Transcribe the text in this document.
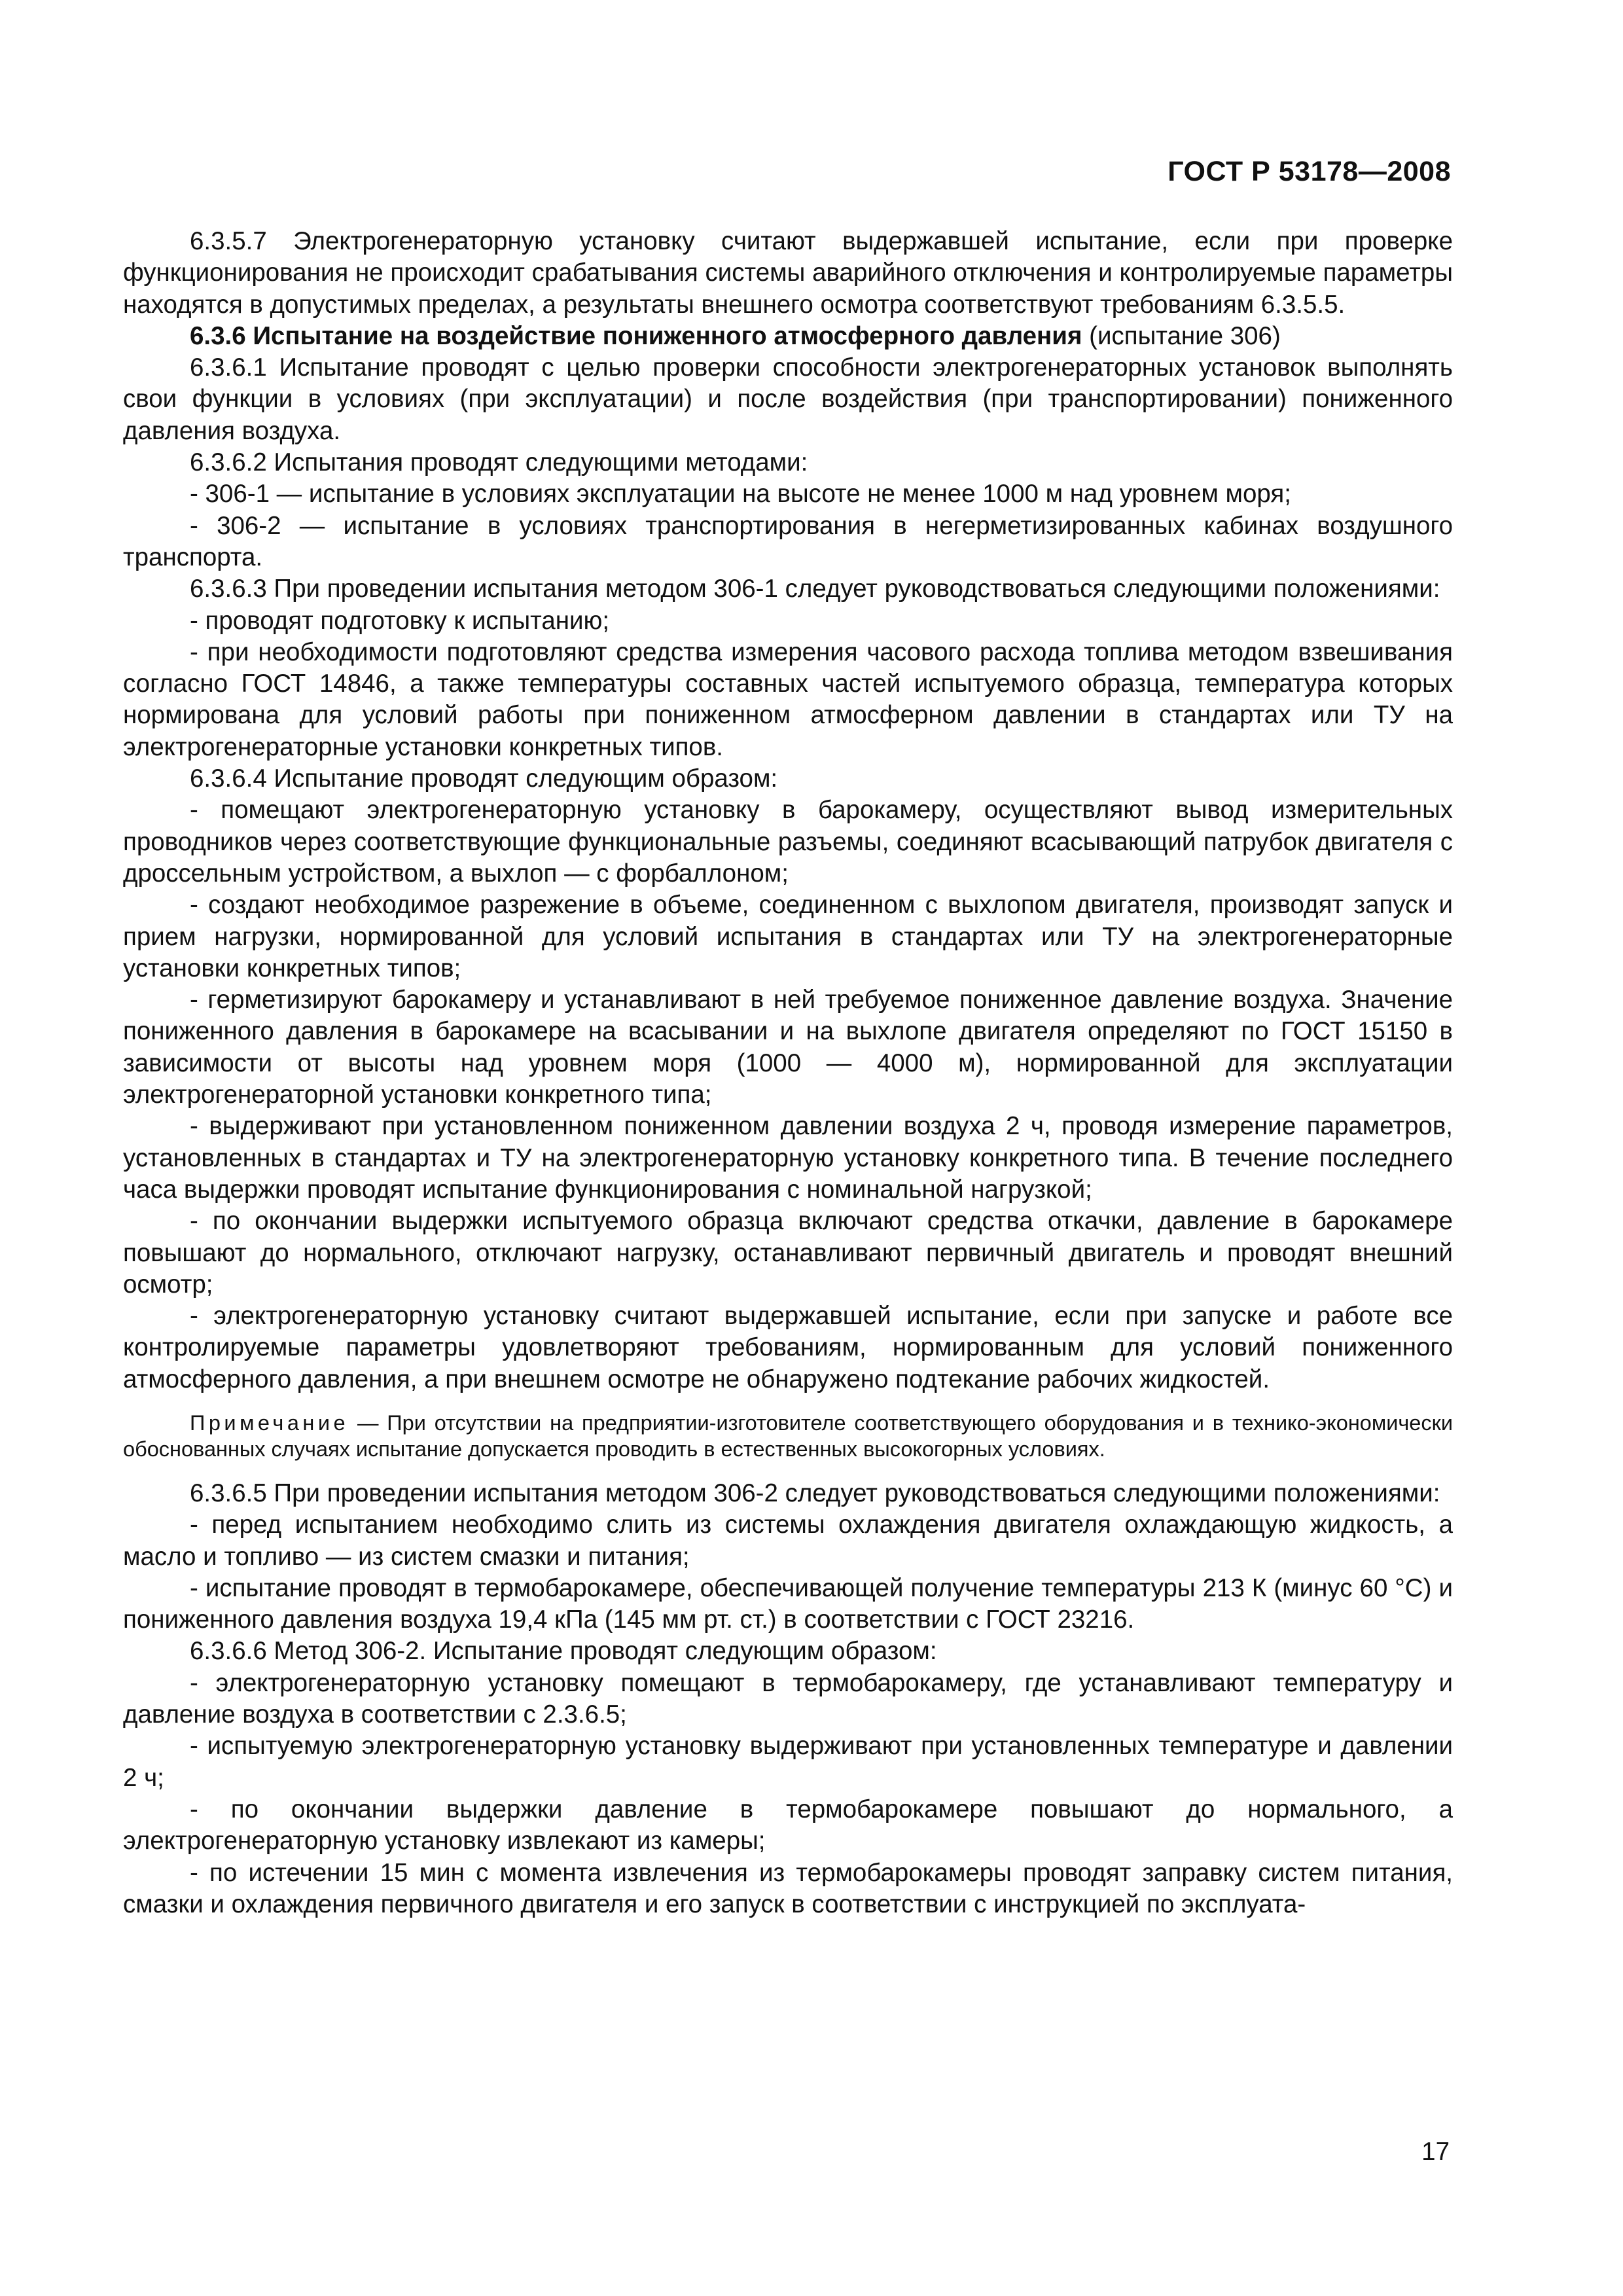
ГОСТ Р 53178—2008

6.3.5.7 Электрогенераторную установку считают выдержавшей испытание, если при проверке функционирования не происходит срабатывания системы аварийного отключения и контролируемые параметры находятся в допустимых пределах, а результаты внешнего осмотра соответствуют требованиям 6.3.5.5.

6.3.6 Испытание на воздействие пониженного атмосферного давления (испытание 306)

6.3.6.1 Испытание проводят с целью проверки способности электрогенераторных установок выполнять свои функции в условиях (при эксплуатации) и после воздействия (при транспортировании) пониженного давления воздуха.

6.3.6.2 Испытания проводят следующими методами:

- 306-1 — испытание в условиях эксплуатации на высоте не менее 1000 м над уровнем моря;

- 306-2 — испытание в условиях транспортирования в негерметизированных кабинах воздушного транспорта.

6.3.6.3 При проведении испытания методом 306-1 следует руководствоваться следующими положениями:

- проводят подготовку к испытанию;

- при необходимости подготовляют средства измерения часового расхода топлива методом взвешивания согласно ГОСТ 14846, а также температуры составных частей испытуемого образца, температура которых нормирована для условий работы при пониженном атмосферном давлении в стандартах или ТУ на электрогенераторные установки конкретных типов.

6.3.6.4 Испытание проводят следующим образом:

- помещают электрогенераторную установку в барокамеру, осуществляют вывод измерительных проводников через соответствующие функциональные разъемы, соединяют всасывающий патрубок двигателя с дроссельным устройством, а выхлоп — с форбаллоном;

- создают необходимое разрежение в объеме, соединенном с выхлопом двигателя, производят запуск и прием нагрузки, нормированной для условий испытания в стандартах или ТУ на электрогенераторные установки конкретных типов;

- герметизируют барокамеру и устанавливают в ней требуемое пониженное давление воздуха. Значение пониженного давления в барокамере на всасывании и на выхлопе двигателя определяют по ГОСТ 15150 в зависимости от высоты над уровнем моря (1000 — 4000 м), нормированной для эксплуатации электрогенераторной установки конкретного типа;

- выдерживают при установленном пониженном давлении воздуха 2 ч, проводя измерение параметров, установленных в стандартах и ТУ на электрогенераторную установку конкретного типа. В течение последнего часа выдержки проводят испытание функционирования с номинальной нагрузкой;

- по окончании выдержки испытуемого образца включают средства откачки, давление в барокамере повышают до нормального, отключают нагрузку, останавливают первичный двигатель и проводят внешний осмотр;

- электрогенераторную установку считают выдержавшей испытание, если при запуске и работе все контролируемые параметры удовлетворяют требованиям, нормированным для условий пониженного атмосферного давления, а при внешнем осмотре не обнаружено подтекание рабочих жидкостей.

Примечание — При отсутствии на предприятии-изготовителе соответствующего оборудования и в технико-экономически обоснованных случаях испытание допускается проводить в естественных высокогорных условиях.

6.3.6.5 При проведении испытания методом 306-2 следует руководствоваться следующими положениями:

- перед испытанием необходимо слить из системы охлаждения двигателя охлаждающую жидкость, а масло и топливо — из систем смазки и питания;

- испытание проводят в термобарокамере, обеспечивающей получение температуры 213 К (минус 60 °С) и пониженного давления воздуха 19,4 кПа (145 мм рт. ст.) в соответствии с ГОСТ 23216.

6.3.6.6 Метод 306-2. Испытание проводят следующим образом:

- электрогенераторную установку помещают в термобарокамеру, где устанавливают температуру и давление воздуха в соответствии с 2.3.6.5;

- испытуемую электрогенераторную установку выдерживают при установленных температуре и давлении 2 ч;

- по окончании выдержки давление в термобарокамере повышают до нормального, а электрогенераторную установку извлекают из камеры;

- по истечении 15 мин с момента извлечения из термобарокамеры проводят заправку систем питания, смазки и охлаждения первичного двигателя и его запуск в соответствии с инструкцией по эксплуата-

17
